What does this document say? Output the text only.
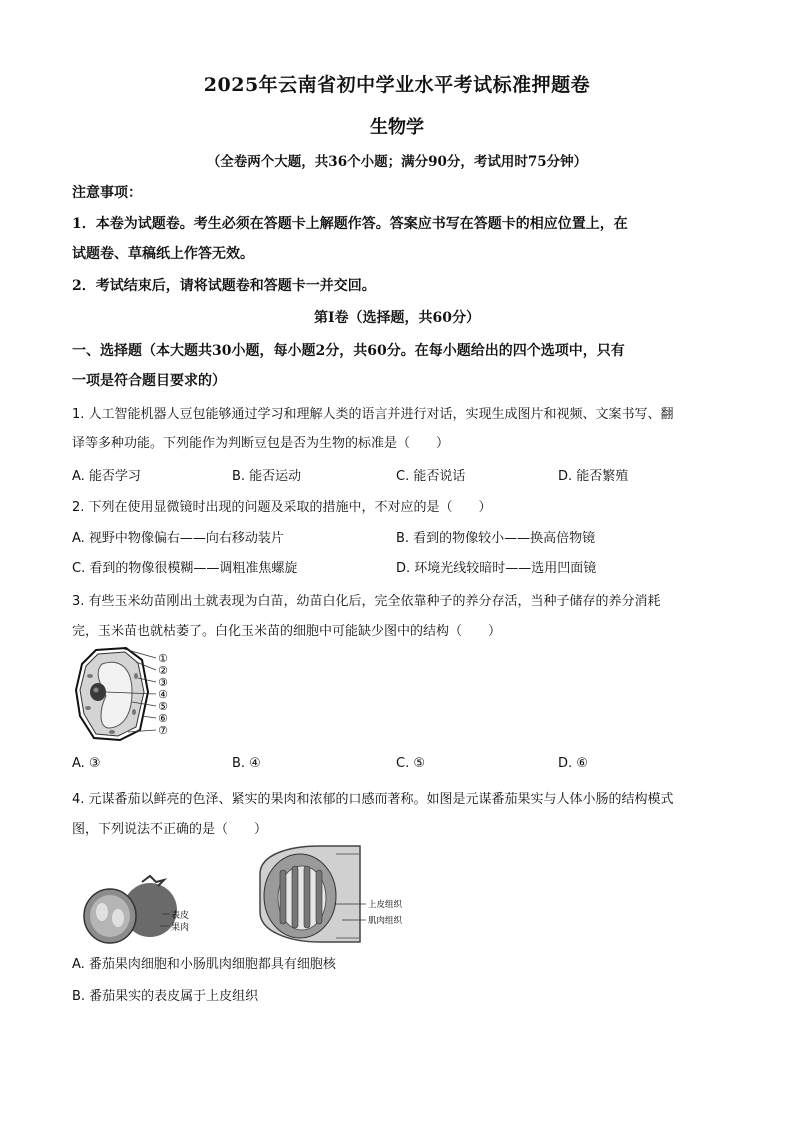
2025年云南省初中学业水平考试标准押题卷
生物学
（全卷两个大题，共36个小题；满分90分，考试用时75分钟）
注意事项：
1．本卷为试题卷。考生必须在答题卡上解题作答。答案应书写在答题卡的相应位置上，在
试题卷、草稿纸上作答无效。
2．考试结束后，请将试题卷和答题卡一并交回。
第Ⅰ卷（选择题，共60分）
一、选择题（本大题共30小题，每小题2分，共60分。在每小题给出的四个选项中，只有
一项是符合题目要求的）
1. 人工智能机器人豆包能够通过学习和理解人类的语言并进行对话，实现生成图片和视频、文案书写、翻
译等多种功能。下列能作为判断豆包是否为生物的标准是（　　）
A. 能否学习	B. 能否运动	C. 能否说话	D. 能否繁殖
2. 下列在使用显微镜时出现的问题及采取的措施中，不对应的是（　　）
A. 视野中物像偏右——向右移动装片	B. 看到的物像较小——换高倍物镜
C. 看到的物像很模糊——调粗准焦螺旋	D. 环境光线较暗时——选用凹面镜
3. 有些玉米幼苗刚出土就表现为白苗，幼苗白化后，完全依靠种子的养分存活，当种子储存的养分消耗
完，玉米苗也就枯萎了。白化玉米苗的细胞中可能缺少图中的结构（　　）
①
②
③
④
⑤
⑥
⑦
A. ③	B. ④	C. ⑤	D. ⑥
4. 元谋番茄以鲜亮的色泽、紧实的果肉和浓郁的口感而著称。如图是元谋番茄果实与人体小肠的结构模式
图，下列说法不正确的是（　　）
表皮
果肉
上皮组织
肌肉组织
A. 番茄果肉细胞和小肠肌肉细胞都具有细胞核
B. 番茄果实的表皮属于上皮组织
